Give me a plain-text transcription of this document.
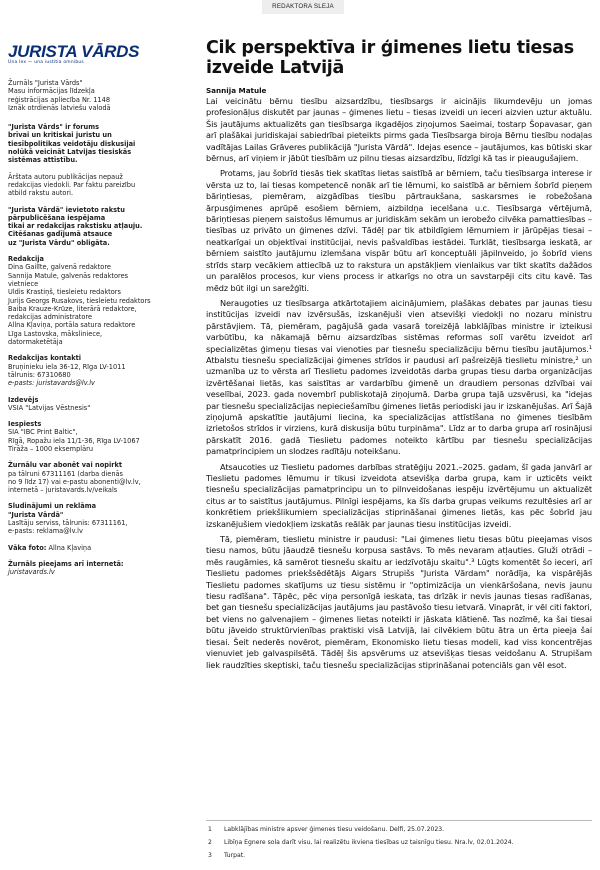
REDAKTORA SLEJA
JURISTA VĀRDS
Una lex — una iustitia omnibus
Žurnāls "Jurista Vārds"
Masu informācijas līdzekļa
reģistrācijas apliecība Nr. 1148
Iznāk otrdienās latviešu valodā
"Jurista Vārds" ir forums
brīvai un kritiskai juristu un
tiesībpolitikas veidotāju diskusijai
nolūkā veicināt Latvijas tiesiskās
sistēmas attīstību.
Ārštata autoru publikācijas nepauž
redakcijas viedokli. Par faktu pareizību
atbild rakstu autori.
"Jurista Vārdā" ievietoto rakstu
pārpublicēšana iespējama
tikai ar redakcijas rakstisku atļauju.
Citēšanas gadījumā atsauce
uz "Jurista Vārdu" obligāta.
Redakcija
Dina Gailīte, galvenā redaktore
Sannija Matule, galvenās redaktores
vietniece
Uldis Krastiņš, tiesleietu redaktors
Jurijs Georgs Rusakovs, tiesleietu redaktors
Baiba Krauze-Krūze, literārā redaktore,
redakcijas administratore
Allna Kļaviņa, portāla satura redaktore
Līga Lastovska, māksliniece,
datormaketētāja
Redakcijas kontakti
Bruņinieku iela 36-12, Rīga LV-1011
tālrunis: 67310680
e-pasts: juristavards@lv.lv
Izdevējs
VSIA "Latvijas Vēstnesis"
Iespiests
SIA "IBC Print Baltic",
Rīgā, Ropažu iela 11/1-36, Rīga LV-1067
Tirāža – 1000 eksemplāru
Žurnālu var abonēt vai nopirkt
pa tālruni 67311161 (darba dienās
no 9 līdz 17) vai e-pastu abonenti@lv.lv,
internetā – juristavards.lv/veikals
Sludinājumi un reklāma
"Jurista Vārdā"
Lasītāju serviss, tālrunis: 67311161,
e-pasts: reklama@lv.lv
Vāka foto: Allna Kļaviņa
Žurnāls pieejams arī internetā:
juristavards.lv
Cik perspektīva ir ģimenes lietu tiesas
izveide Latvijā
Sannija Matule

Lai veicinātu bērnu tiesību aizsardzību, tiesībsargs ir aicinājis likumdevēju un jomas profesionāļus diskutēt par jaunas – ģimenes lietu – tiesas izveidi un ieceri aizvien uztur aktuālu. Šis jautājums aktualizēts gan tiesībsarga ikgadējos ziņojumos Saeimai, tostarp Šopavasar, gan arī plašākai juridiskajai sabiedrībai pieteikts pirms gada Tiesībsarga biroja Bērnu tiesību nodaļas vadītājas Lailas Grāveres publikācijā "Jurista Vārdā". Idejas esence – jautājumos, kas būtiski skar bērnus, arī viņiem ir jābūt tiesībām uz pilnu tiesas aizsardzību, līdzīgi kā tas ir pieaugušajiem.

Protams, jau šobrīd tiesās tiek skatītas lietas saistībā ar bērniem, taču tiesībsarga interese ir vērsta uz to, lai tiesas kompetencē nonāk arī tie lēmumi, ko saistībā ar bērniem šobrīd pieņem bāriņtiesas, piemēram, aizgādības tiesību pārtraukšana, saskarsmes ie robežošana ārpusģimenes aprūpē esošiem bērniem, aizbildņa iecelšana u.c. Tiesībsarga vērtējumā, bāriņtiesas pieņem saistošus lēmumus ar juridiskām sekām un ierobežo cilvēka pamattiesības – tiesības uz privāto un ģimenes dzīvi. Tādēļ par tik atbildīgiem lēmumiem ir jārūpējas tiesai – neatkarīgai un objektīvai institūcijai, nevis pašvaldības iestādei. Turklāt, tiesībsarga ieskatā, ar bērniem saistīto jautājumu izlemšana vispār būtu arī konceptuāli jāpilnveido, jo šobrīd viens strīds starp vecākiem attiecībā uz to rakstura un apstākļiem vienlaikus var tikt skatīts dažādos un paralēlos procesos, kur viens process ir atkarīgs no otra un savstarpēji cits citu kavē. Tas mēdz būt ilgi un sarežģīti.

Neraugoties uz tiesībsarga atkārtotajiem aicinājumiem, plašākas debates par jaunas tiesu institūcijas izveidi nav izvērsušās, izskanējuši vien atsevišķi viedokļi no nozaru ministru pārstāvjiem. Tā, piemēram, pagājušā gada vasarā toreizējā labklājības ministre ir izteikusi varbūtību, ka nākamajā bērnu aizsardzības sistēmas reformas solī varētu izveidot arī specializētas ģimeņu tiesas vai vienoties par tiesnešu specializāciju bērnu tiesību jautājumos.¹ Atbalstu tiesnešu specializācijai ģimenes strīdos ir paudusi arī pašreizējā tieslietu ministre,² un uzmanība uz to vērsta arī Tieslietu padomes izveidotās darba grupas tiesu darba organizācijas izvērtēšanai lietās, kas saistītas ar vardarbību ģimenē un draudiem personas dzīvībai vai veselībai, 2023. gada novembrī publiskotajā ziņojumā. Darba grupa tajā uzsvērusi, ka "idejas par tiesnešu specializācijas nepieciešamību ģimenes lietās periodiski jau ir izskanējušas. Arī Šajā ziņojumā apskatītie jautājumi liecina, ka specializācijas attīstīšana no ģimenes tiesībām izrietošos strīdos ir virziens, kurā diskusija būtu turpināma". Līdz ar to darba grupa arī rosinājusi pārskatīt 2016. gadā Tieslietu padomes noteikto kārtību par tiesnešu specializācijas pamatprincipiem un slodzes radītāju noteikšanu.

Atsaucoties uz Tieslietu padomes darbības stratēģiju 2021.–2025. gadam, šī gada janvārī ar Tieslietu padomes lēmumu ir tikusi izveidota atsevišķa darba grupa, kam ir uzticēts veikt tiesnešu specializācijas pamatprincipu un to pilnveidošanas iespēju izvērtējumu un aktualizēt citus ar to saistītus jautājumus. Pilnīgi iespējams, ka šīs darba grupas veikums rezultēsies arī ar konkrētiem priekšlikumiem specializācijas stiprināšanai ģimenes lietās, kas pēc šobrīd jau izskanējušiem viedokļiem izskatās reālāk par jaunas tiesu institūcijas izveidi.

Tā, piemēram, tieslietu ministre ir paudusi: "Lai ģimenes lietu tiesas būtu pieejamas visos tiesu namos, būtu jāaudzē tiesnešu korpusa sastāvs. To mēs nevaram atļauties. Gluži otrādi – mēs raugāmies, kā samērot tiesnešu skaitu ar iedzīvotāju skaitu".³ Lūgts komentēt šo ieceri, arī Tieslietu padomes priekšsēdētājs Aigars Strupišs "Jurista Vārdam" norādīja, ka vispārējās Tieslietu padomes skatījums uz tiesu sistēmu ir "optimizācija un vienkāršošana, nevis jaunu tiesu radīšana". Tāpēc, pēc viņa personīgā ieskata, tas drīzāk ir nevis jaunas tiesas radīšanas, bet gan tiesnešu specializācijas jautājums jau pastāvošo tiesu ietvarā. Vinaprāt, ir vēl citi faktori, bet viens no galvenajiem – ģimenes lietas noteikti ir jāskata klātienē. Tas nozīmē, ka šai tiesai būtu jāveido struktūrvienības praktiski visā Latvijā, lai cilvēkiem būtu ātra un ērta pieeja šai tiesai. Šeit nederēs novērot, piemēram, Ekonomisko lietu tiesas modeli, kad viss koncentrējas vienuviet jeb galvaspilsētā. Tādēļ šis apsvērums uz atsevišķas tiesas veidošanu A. Strupišam liek raudzīties skeptiski, taču tiesnešu specializācijas stiprināšanai potenciāls gan vēl esot.

1	Labklājības ministre apsver ģimenes tiesu veidošanu. Delfi, 25.07.2023.
2	Libīņa Egnere sola darīt visu, lai realizētu ikviena tiesības uz taisnīgu tiesu. Nra.lv, 02.01.2024.
3	Turpat.
